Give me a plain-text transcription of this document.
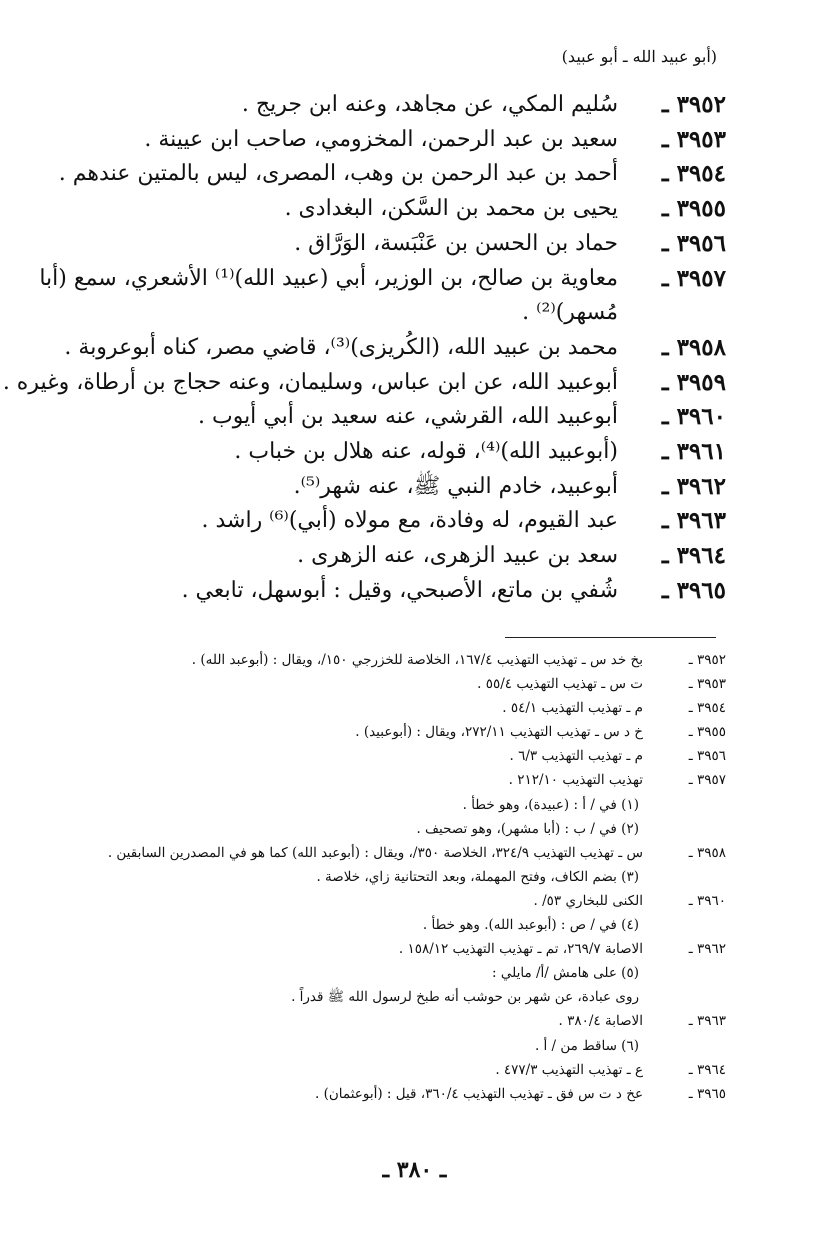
(أبو عبيد الله ـ أبو عبيد)
٣٩٥٢ ـ
سُليم المكي، عن مجاهد، وعنه ابن جريج .
٣٩٥٣ ـ
سعيد بن عبد الرحمن، المخزومي، صاحب ابن عيينة .
٣٩٥٤ ـ
أحمد بن عبد الرحمن بن وهب، المصرى، ليس بالمتين عندهم .
٣٩٥٥ ـ
يحيى بن محمد بن السَّكن، البغدادى .
٣٩٥٦ ـ
حماد بن الحسن بن عَنْبَسة، الوَرَّاق .
٣٩٥٧ ـ
معاوية بن صالح، بن الوزير، أبي (عبيد الله)⁽¹⁾ الأشعري، سمع (أبا مُسهر)⁽²⁾ .
٣٩٥٨ ـ
محمد بن عبيد الله، (الكُريزى)⁽³⁾، قاضي مصر، كناه أبوعروبة .
٣٩٥٩ ـ
أبوعبيد الله، عن ابن عباس، وسليمان، وعنه حجاج بن أرطاة، وغيره .
٣٩٦٠ ـ
أبوعبيد الله، القرشي، عنه سعيد بن أبي أيوب .
٣٩٦١ ـ
(أبوعبيد الله)⁽⁴⁾، قوله، عنه هلال بن خباب .
٣٩٦٢ ـ
أبوعبيد، خادم النبي ﷺ، عنه شهر⁽⁵⁾.
٣٩٦٣ ـ
عبد القيوم، له وفادة، مع مولاه (أبي)⁽⁶⁾ راشد .
٣٩٦٤ ـ
سعد بن عبيد الزهرى، عنه الزهرى .
٣٩٦٥ ـ
شُفي بن ماتع، الأصبحي، وقيل : أبوسهل، تابعي .
٣٩٥٢ ـ
بخ خد س ـ تهذيب التهذيب ١٦٧/٤، الخلاصة للخزرجي ١٥٠/، ويقال : (أبوعبد الله) .
٣٩٥٣ ـ
ت س ـ تهذيب التهذيب ٥٥/٤ .
٣٩٥٤ ـ
م ـ تهذيب التهذيب ٥٤/١ .
٣٩٥٥ ـ
خ د س ـ تهذيب التهذيب ٢٧٢/١١، ويقال : (أبوعبيد) .
٣٩٥٦ ـ
م ـ تهذيب التهذيب ٦/٣ .
٣٩٥٧ ـ
تهذيب التهذيب ٢١٢/١٠ .
(١) في / أ : (عبيدة)، وهو خطأ .
(٢) في / ب : (أبا مشهر)، وهو تصحيف .
٣٩٥٨ ـ
س ـ تهذيب التهذيب ٣٢٤/٩، الخلاصة ٣٥٠/، ويقال : (أبوعبد الله) كما هو في المصدرين السابقين .
(٣) بضم الكاف، وفتح المهملة، وبعد التحتانية زاي، خلاصة .
٣٩٦٠ ـ
الكنى للبخاري ٥٣/ .
(٤) في / ص : (أبوعبد الله). وهو خطأ .
٣٩٦٢ ـ
الاصابة ٢٦٩/٧، تم ـ تهذيب التهذيب ١٥٨/١٢ .
(٥) على هامش /أ/ مايلي :
روى عبادة، عن شهر بن حوشب أنه طبخ لرسول الله ﷺ قدراً .
٣٩٦٣ ـ
الاصابة ٣٨٠/٤ .
(٦) ساقط من / أ .
٣٩٦٤ ـ
ع ـ تهذيب التهذيب ٤٧٧/٣ .
٣٩٦٥ ـ
عخ د ت س فق ـ تهذيب التهذيب ٣٦٠/٤، قيل : (أبوعثمان) .
ـ ٣٨٠ ـ
